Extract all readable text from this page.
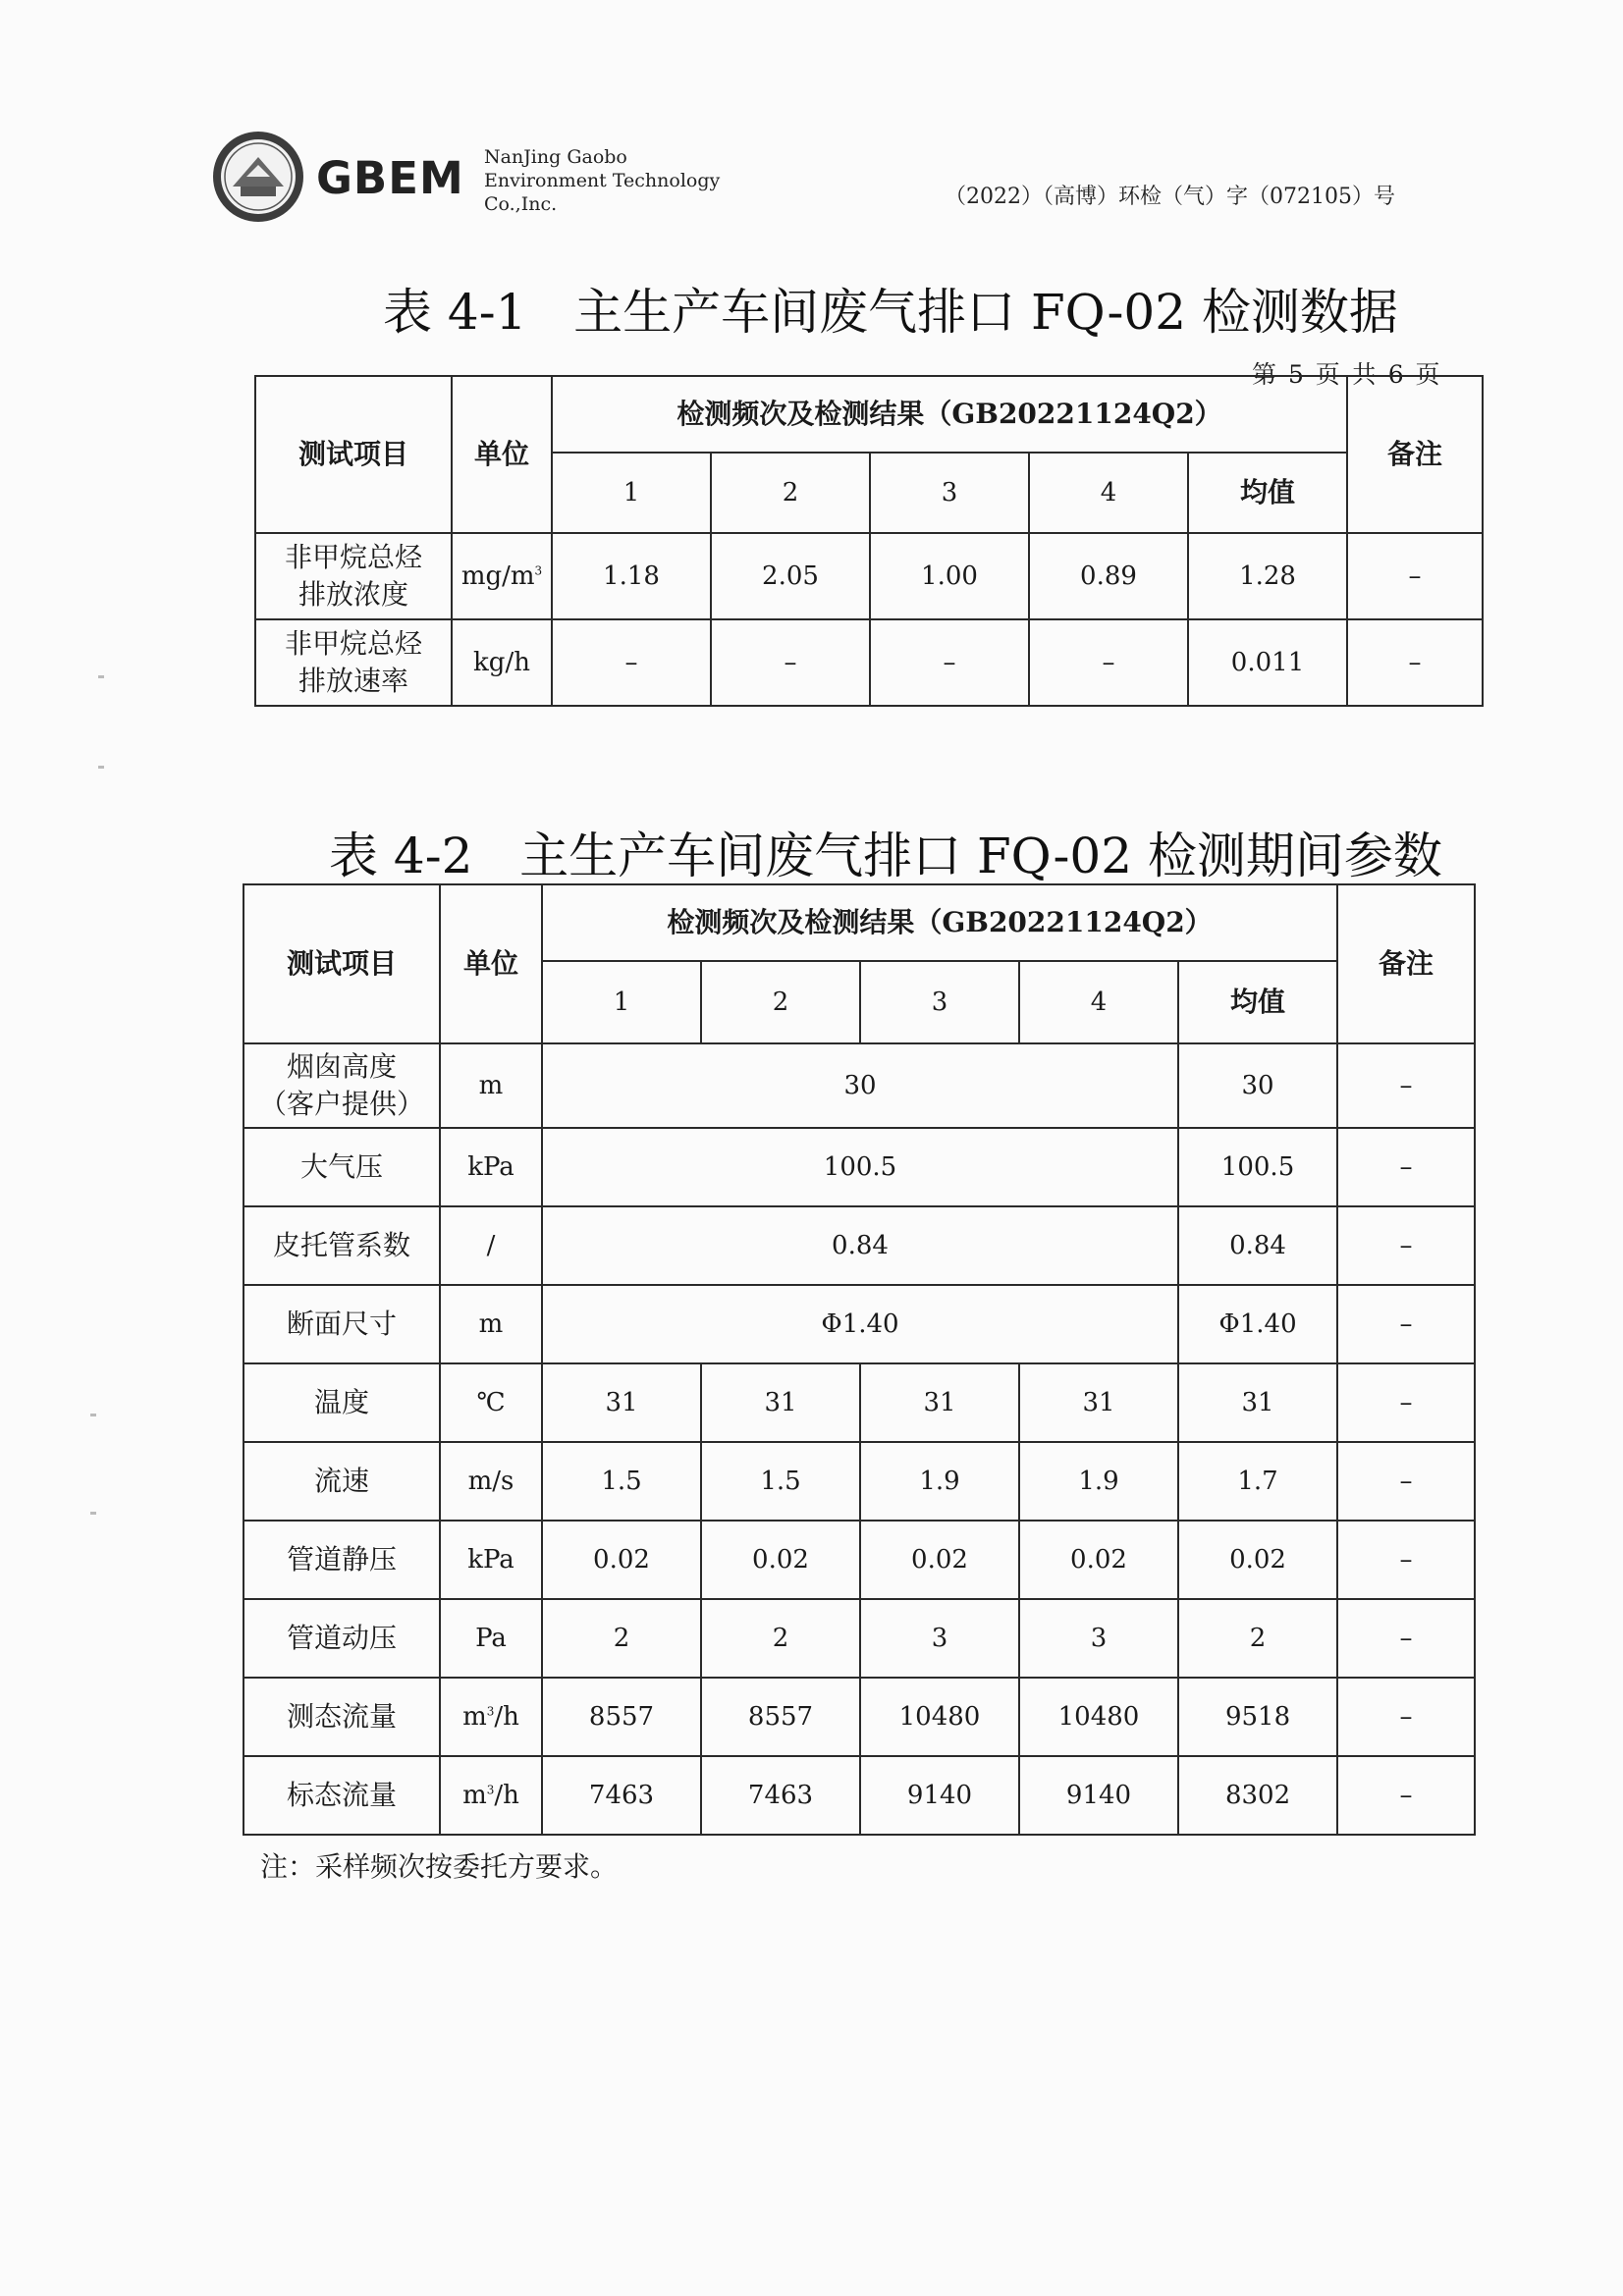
GBEM NanJing Gaobo
Environment Technology
Co.,Inc.	（2022）（高博）环检（气）字（072105）号
表 4-1   主生产车间废气排口 FQ-02 检测数据
第 5 页 共 6 页
测试项目	单位	检测频次及检测结果（GB20221124Q2）					备注
		1	2	3	4	均值	
非甲烷总烃
排放浓度	$mg/m^3$	1.18	2.05	1.00	0.89	1.28	–
非甲烷总烃
排放速率	kg/h	–	–	–	–	0.011	–
表 4-2   主生产车间废气排口 FQ-02 检测期间参数
测试项目	单位	检测频次及检测结果（GB20221124Q2）					备注
		1	2	3	4	均值	
烟囱高度
（客户提供）	m	30				30	–
大气压	kPa	100.5				100.5	–
皮托管系数	/	0.84				0.84	–
断面尺寸	m	Φ1.40				Φ1.40	–
温度	℃	31	31	31	31	31	–
流速	m/s	1.5	1.5	1.9	1.9	1.7	–
管道静压	kPa	0.02	0.02	0.02	0.02	0.02	–
管道动压	Pa	2	2	3	3	2	–
测态流量	$m^3/h$	8557	8557	10480	10480	9518	–
标态流量	$m^3/h$	7463	7463	9140	9140	8302	–
注：采样频次按委托方要求。
